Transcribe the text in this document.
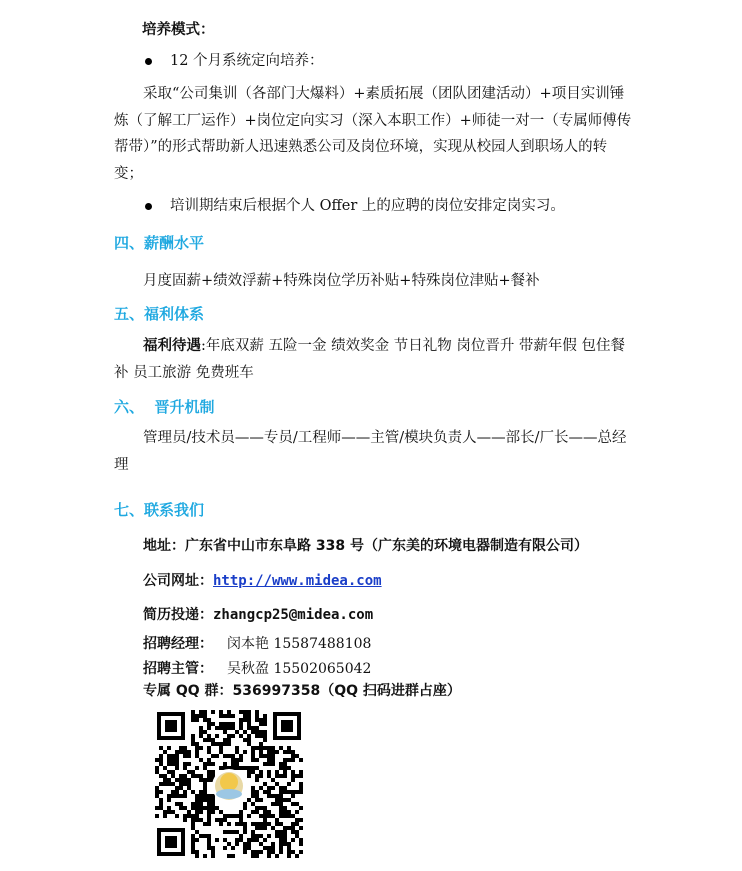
培养模式：
12 个月系统定向培养：
采取“公司集训（各部门大爆料）+素质拓展（团队团建活动）+项目实训锤炼（了解工厂运作）+岗位定向实习（深入本职工作）+师徒一对一（专属师傅传帮带）”的形式帮助新人迅速熟悉公司及岗位环境，实现从校园人到职场人的转变；
培训期结束后根据个人 Offer 上的应聘的岗位安排定岗实习。
四、薪酬水平
月度固薪+绩效浮薪+特殊岗位学历补贴+特殊岗位津贴+餐补
五、福利体系
福利待遇:年底双薪 五险一金 绩效奖金 节日礼物 岗位晋升 带薪年假 包住餐补 员工旅游 免费班车
六、  晋升机制
管理员/技术员——专员/工程师——主管/模块负责人——部长/厂长——总经理
七、联系我们
地址：广东省中山市东阜路 338 号（广东美的环境电器制造有限公司）
公司网址：http://www.midea.com
简历投递：zhangcp25@midea.com
招聘经理： 闵本艳 15587488108
招聘主管： 吴秋盈 15502065042
专属 QQ 群：536997358（QQ 扫码进群占座）
